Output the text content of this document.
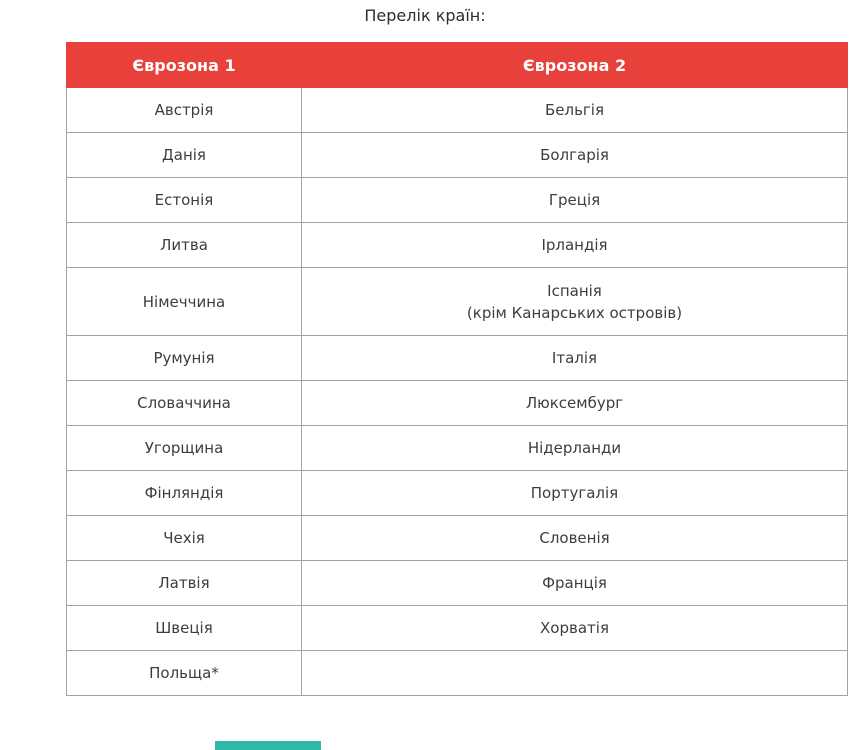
Перелік країн:
Єврозона 1	Єврозона 2
Австрія	Бельгія
Данія	Болгарія
Естонія	Греція
Литва	Ірландія
Німеччина	Іспанія
(крім Канарських островів)
Румунія	Італія
Словаччина	Люксембург
Угорщина	Нідерланди
Фінляндія	Португалія
Чехія	Словенія
Латвія	Франція
Швеція	Хорватія
Польща*	
